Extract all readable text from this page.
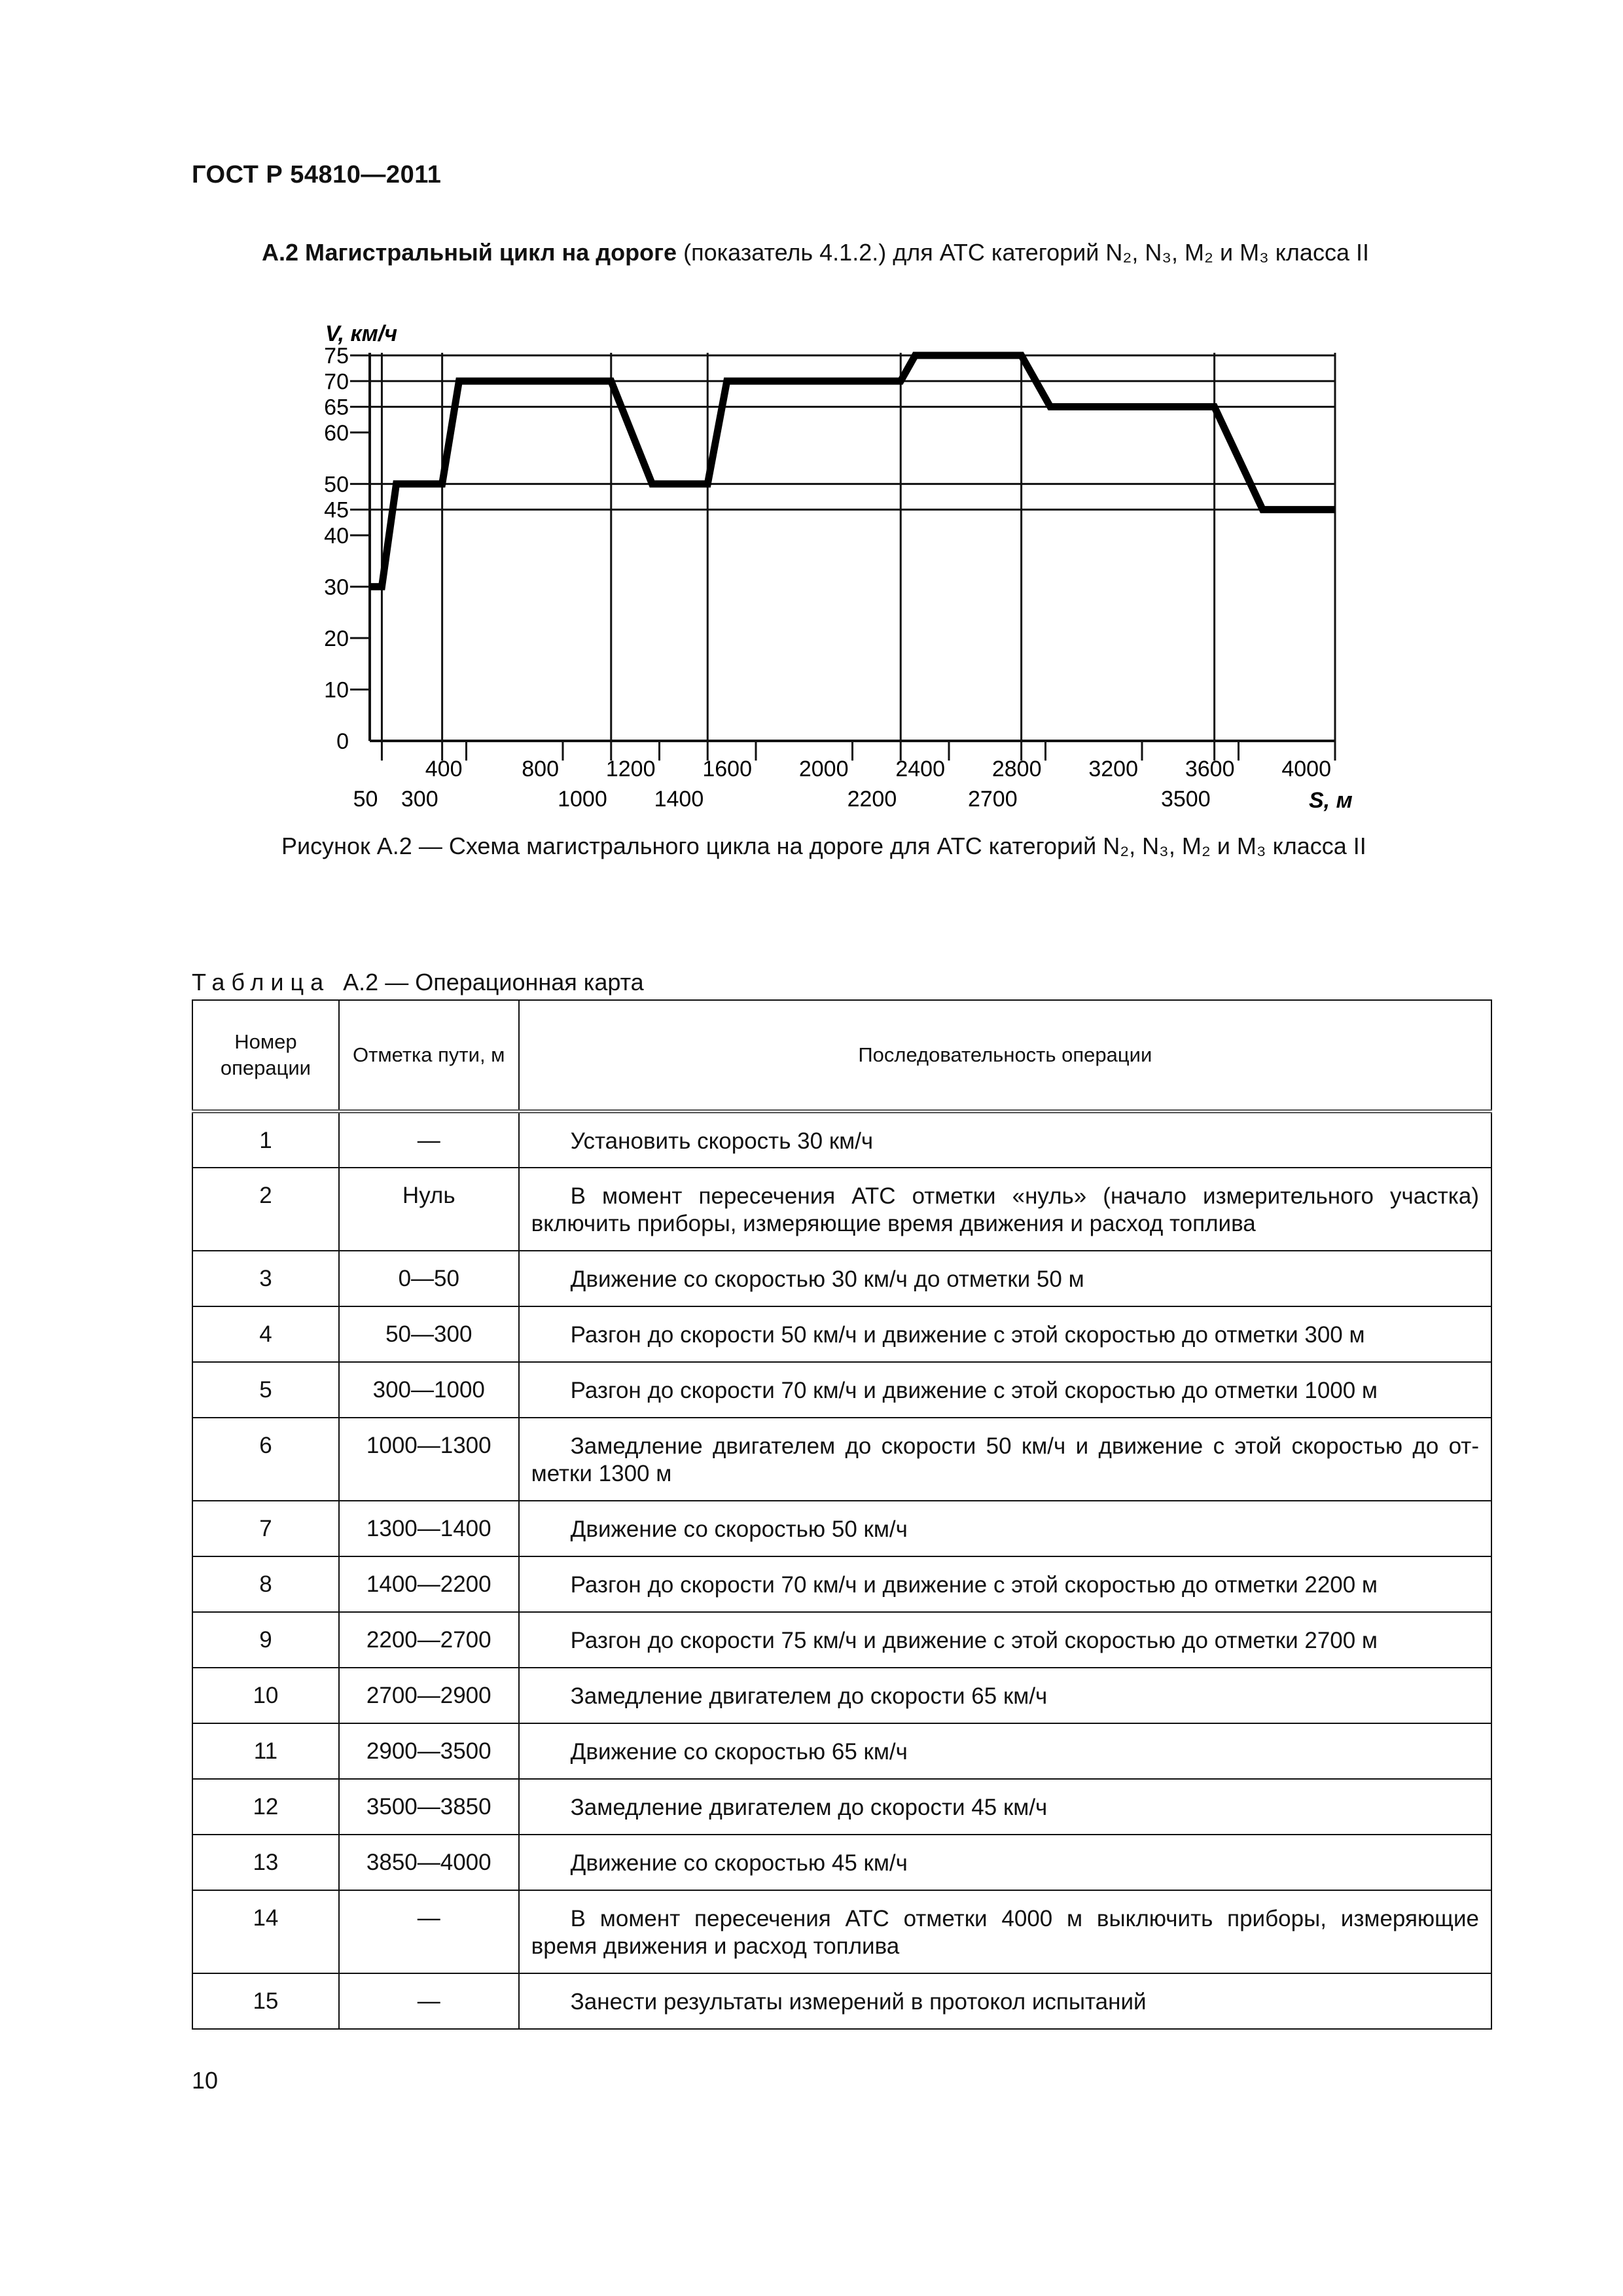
ГОСТ Р 54810—2011
А.2 Магистральный цикл на дороге (показатель 4.1.2.) для АТС категорий N₂, N₃, M₂ и M₃ класса II
V, км/ч
S, м
0
10
20
30
40
45
50
60
65
70
75
400	800 1200 1600 2000 2400 2800 3200 3600 4000
50 300	1000 1400	2200	2700	3500
Рисунок А.2 — Схема магистрального цикла на дороге для АТС категорий N₂, N₃, M₂ и M₃ класса II
Таблица А.2 — Операционная карта
Номер операции	Отметка пути, м	Последовательность операции
1	—	Установить скорость 30 км/ч

2	Нуль	В момент пересечения АТС отметки «нуль» (начало измерительного участка) включить приборы, измеряющие время движения и расход топлива

3	0—50	Движение со скоростью 30 км/ч до отметки 50 м

4	50—300	Разгон до скорости 50 км/ч и движение с этой скоростью до отметки 300 м

5	300—1000	Разгон до скорости 70 км/ч и движение с этой скоростью до отметки 1000 м

6	1000—1300	Замедление двигателем до скорости 50 км/ч и движение с этой скоростью до от-метки 1300 м

7	1300—1400	Движение со скоростью 50 км/ч

8	1400—2200	Разгон до скорости 70 км/ч и движение с этой скоростью до отметки 2200 м

9	2200—2700	Разгон до скорости 75 км/ч и движение с этой скоростью до отметки 2700 м

10	2700—2900	Замедление двигателем до скорости 65 км/ч

11	2900—3500	Движение со скоростью 65 км/ч

12	3500—3850	Замедление двигателем до скорости 45 км/ч

13	3850—4000	Движение со скоростью 45 км/ч

14	—	В момент пересечения АТС отметки 4000 м выключить приборы, измеряющие время движения и расход топлива

15	—	Занести результаты измерений в протокол испытаний
10
